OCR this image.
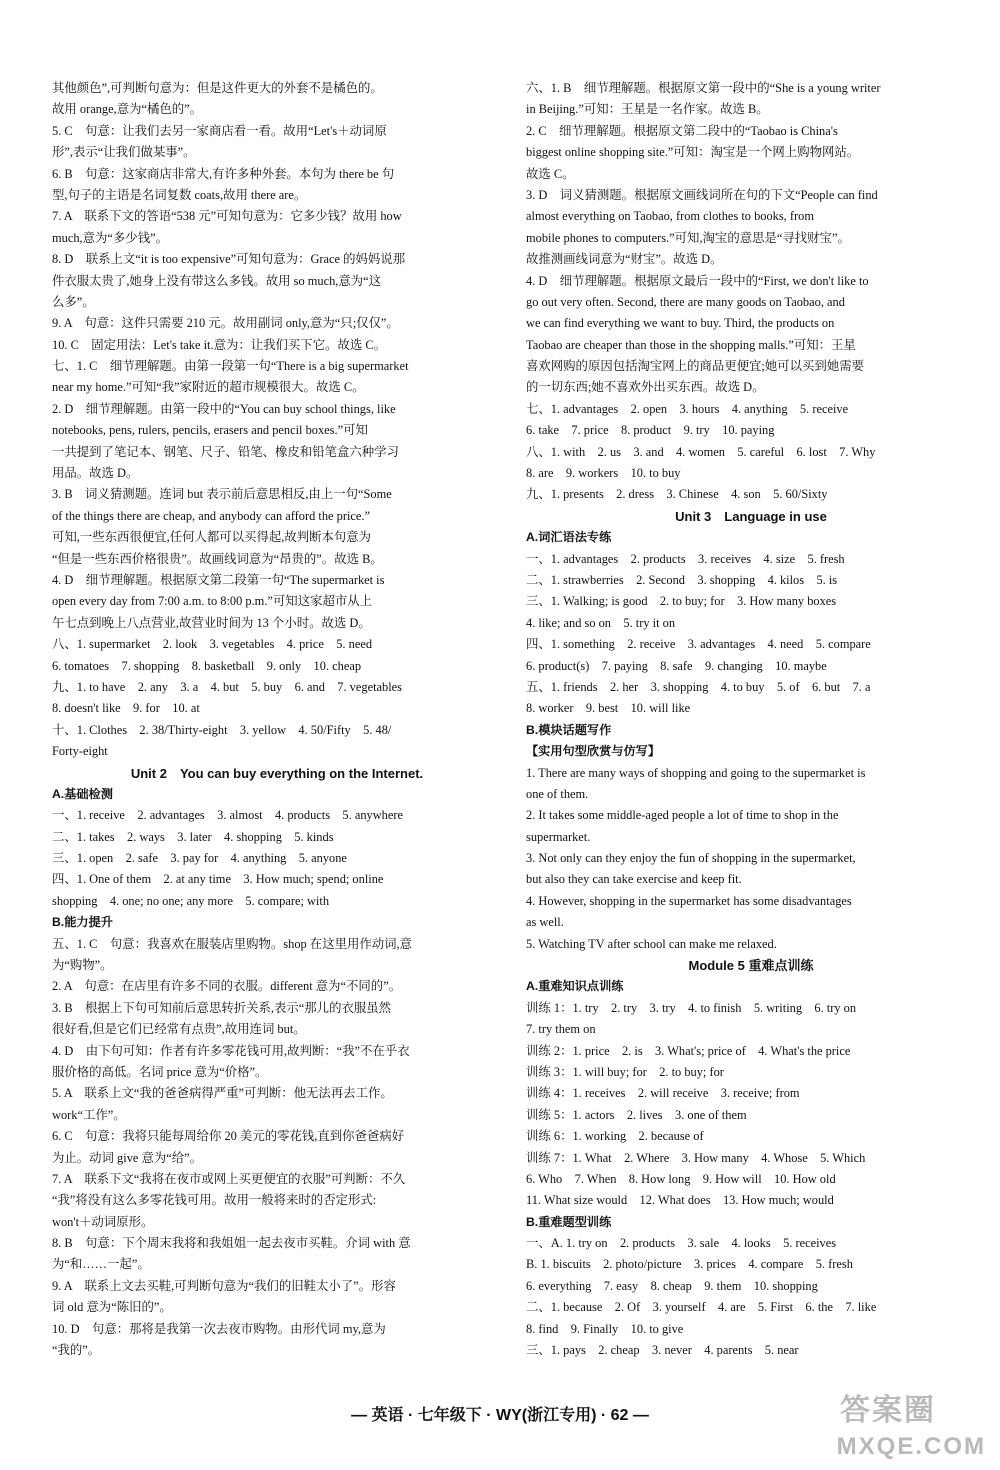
其他颜色”,可判断句意为：但是这件更大的外套不是橘色的。
故用 orange,意为“橘色的”。
5. C　句意：让我们去另一家商店看一看。故用“Let's＋动词原
形”,表示“让我们做某事”。
6. B　句意：这家商店非常大,有许多种外套。本句为 there be 句
型,句子的主语是名词复数 coats,故用 there are。
7. A　联系下文的答语“538 元”可知句意为：它多少钱？故用 how
much,意为“多少钱”。
8. D　联系上文“it is too expensive”可知句意为：Grace 的妈妈说那
件衣服太贵了,她身上没有带这么多钱。故用 so much,意为“这
么多”。
9. A　句意：这件只需要 210 元。故用副词 only,意为“只;仅仅”。
10. C　固定用法：Let's take it.意为：让我们买下它。故选 C。
七、1. C　细节理解题。由第一段第一句“There is a big supermarket
near my home.”可知“我”家附近的超市规模很大。故选 C。
2. D　细节理解题。由第一段中的“You can buy school things, like
notebooks, pens, rulers, pencils, erasers and pencil boxes.”可知
一共提到了笔记本、钢笔、尺子、铅笔、橡皮和铅笔盒六种学习
用品。故选 D。
3. B　词义猜测题。连词 but 表示前后意思相反,由上一句“Some
of the things there are cheap, and anybody can afford the price.”
可知,一些东西很便宜,任何人都可以买得起,故判断本句意为
“但是一些东西价格很贵”。故画线词意为“昂贵的”。故选 B。
4. D　细节理解题。根据原文第二段第一句“The supermarket is
open every day from 7:00 a.m. to 8:00 p.m.”可知这家超市从上
午七点到晚上八点营业,故营业时间为 13 个小时。故选 D。
八、1. supermarket　2. look　3. vegetables　4. price　5. need
6. tomatoes　7. shopping　8. basketball　9. only　10. cheap
九、1. to have　2. any　3. a　4. but　5. buy　6. and　7. vegetables
8. doesn't like　9. for　10. at
十、1. Clothes　2. 38/Thirty-eight　3. yellow　4. 50/Fifty　5. 48/
Forty-eight
Unit 2　You can buy everything on the Internet.
A.基础检测
一、1. receive　2. advantages　3. almost　4. products　5. anywhere
二、1. takes　2. ways　3. later　4. shopping　5. kinds
三、1. open　2. safe　3. pay for　4. anything　5. anyone
四、1. One of them　2. at any time　3. How much; spend; online
shopping　4. one; no one; any more　5. compare; with
B.能力提升
五、1. C　句意：我喜欢在服装店里购物。shop 在这里用作动词,意
为“购物”。
2. A　句意：在店里有许多不同的衣服。different 意为“不同的”。
3. B　根据上下句可知前后意思转折关系,表示“那儿的衣服虽然
很好看,但是它们已经常有点贵”,故用连词 but。
4. D　由下句可知：作者有许多零花钱可用,故判断：“我”不在乎衣
服价格的高低。名词 price 意为“价格”。
5. A　联系上文“我的爸爸病得严重”可判断：他无法再去工作。
work“工作”。
6. C　句意：我将只能每周给你 20 美元的零花钱,直到你爸爸病好
为止。动词 give 意为“给”。
7. A　联系下文“我将在夜市或网上买更便宜的衣服”可判断：不久
“我”将没有这么多零花钱可用。故用一般将来时的否定形式:
won't＋动词原形。
8. B　句意：下个周末我将和我姐姐一起去夜市买鞋。介词 with 意
为“和……一起”。
9. A　联系上文去买鞋,可判断句意为“我们的旧鞋太小了”。形容
词 old 意为“陈旧的”。
10. D　句意：那将是我第一次去夜市购物。由形代词 my,意为
“我的”。
六、1. B　细节理解题。根据原文第一段中的“She is a young writer
in Beijing.”可知：王星是一名作家。故选 B。
2. C　细节理解题。根据原文第二段中的“Taobao is China's
biggest online shopping site.”可知：淘宝是一个网上购物网站。
故选 C。
3. D　词义猜测题。根据原文画线词所在句的下文“People can find
almost everything on Taobao, from clothes to books, from
mobile phones to computers.”可知,淘宝的意思是“寻找财宝”。
故推测画线词意为“财宝”。故选 D。
4. D　细节理解题。根据原文最后一段中的“First, we don't like to
go out very often. Second, there are many goods on Taobao, and
we can find everything we want to buy. Third, the products on
Taobao are cheaper than those in the shopping malls.”可知：王星
喜欢网购的原因包括淘宝网上的商品更便宜;她可以买到她需要
的一切东西;她不喜欢外出买东西。故选 D。
七、1. advantages　2. open　3. hours　4. anything　5. receive
6. take　7. price　8. product　9. try　10. paying
八、1. with　2. us　3. and　4. women　5. careful　6. lost　7. Why
8. are　9. workers　10. to buy
九、1. presents　2. dress　3. Chinese　4. son　5. 60/Sixty
Unit 3　Language in use
A.词汇语法专练
一、1. advantages　2. products　3. receives　4. size　5. fresh
二、1. strawberries　2. Second　3. shopping　4. kilos　5. is
三、1. Walking; is good　2. to buy; for　3. How many boxes
4. like; and so on　5. try it on
四、1. something　2. receive　3. advantages　4. need　5. compare
6. product(s)　7. paying　8. safe　9. changing　10. maybe
五、1. friends　2. her　3. shopping　4. to buy　5. of　6. but　7. a
8. worker　9. best　10. will like
B.模块话题写作
【实用句型欣赏与仿写】
1. There are many ways of shopping and going to the supermarket is
one of them.
2. It takes some middle-aged people a lot of time to shop in the
supermarket.
3. Not only can they enjoy the fun of shopping in the supermarket,
but also they can take exercise and keep fit.
4. However, shopping in the supermarket has some disadvantages
as well.
5. Watching TV after school can make me relaxed.
Module 5 重难点训练
A.重难知识点训练
训练 1：1. try　2. try　3. try　4. to finish　5. writing　6. try on
7. try them on
训练 2：1. price　2. is　3. What's; price of　4. What's the price
训练 3：1. will buy; for　2. to buy; for
训练 4：1. receives　2. will receive　3. receive; from
训练 5：1. actors　2. lives　3. one of them
训练 6：1. working　2. because of
训练 7：1. What　2. Where　3. How many　4. Whose　5. Which
6. Who　7. When　8. How long　9. How will　10. How old
11. What size would　12. What does　13. How much; would
B.重难题型训练
一、A. 1. try on　2. products　3. sale　4. looks　5. receives
B. 1. biscuits　2. photo/picture　3. prices　4. compare　5. fresh
6. everything　7. easy　8. cheap　9. them　10. shopping
二、1. because　2. Of　3. yourself　4. are　5. First　6. the　7. like
8. find　9. Finally　10. to give
三、1. pays　2. cheap　3. never　4. parents　5. near
— 英语 · 七年级下 · WY(浙江专用) · 62 —	答案圈
MXQE.COM
